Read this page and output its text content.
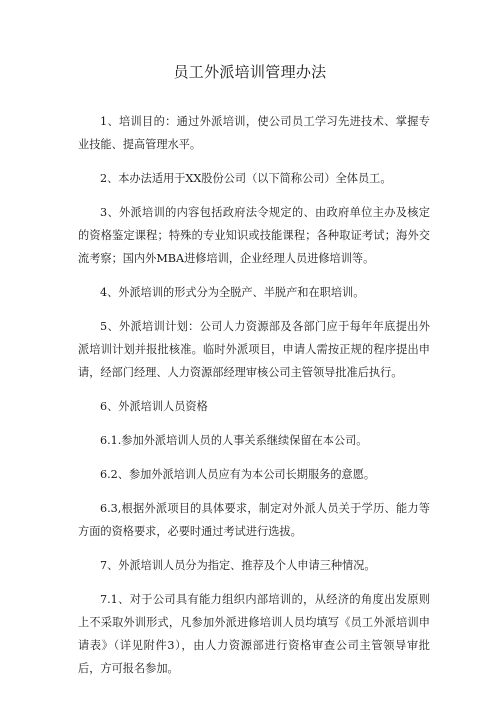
员工外派培训管理办法

1、培训目的：通过外派培训，使公司员工学习先进技术、掌握专业技能、提高管理水平。

2、本办法适用于XX股份公司（以下简称公司）全体员工。

3、外派培训的内容包括政府法令规定的、由政府单位主办及核定的资格鉴定课程；特殊的专业知识或技能课程；各种取证考试；海外交流考察；国内外MBA进修培训，企业经理人员进修培训等。

4、外派培训的形式分为全脱产、半脱产和在职培训。

5、外派培训计划：公司人力资源部及各部门应于每年年底提出外派培训计划并报批核准。临时外派项目，申请人需按正规的程序提出申请，经部门经理、人力资源部经理审核公司主管领导批准后执行。

6、外派培训人员资格

6.1.参加外派培训人员的人事关系继续保留在本公司。

6.2、参加外派培训人员应有为本公司长期服务的意愿。

6.3,根据外派项目的具体要求，制定对外派人员关于学历、能力等方面的资格要求，必要时通过考试进行选拔。

7、外派培训人员分为指定、推荐及个人申请三种情况。

7.1、对于公司具有能力组织内部培训的，从经济的角度出发原则上不采取外训形式，凡参加外派进修培训人员均填写《员工外派培训申请表》（详见附件3），由人力资源部进行资格审查公司主管领导审批后，方可报名参加。
